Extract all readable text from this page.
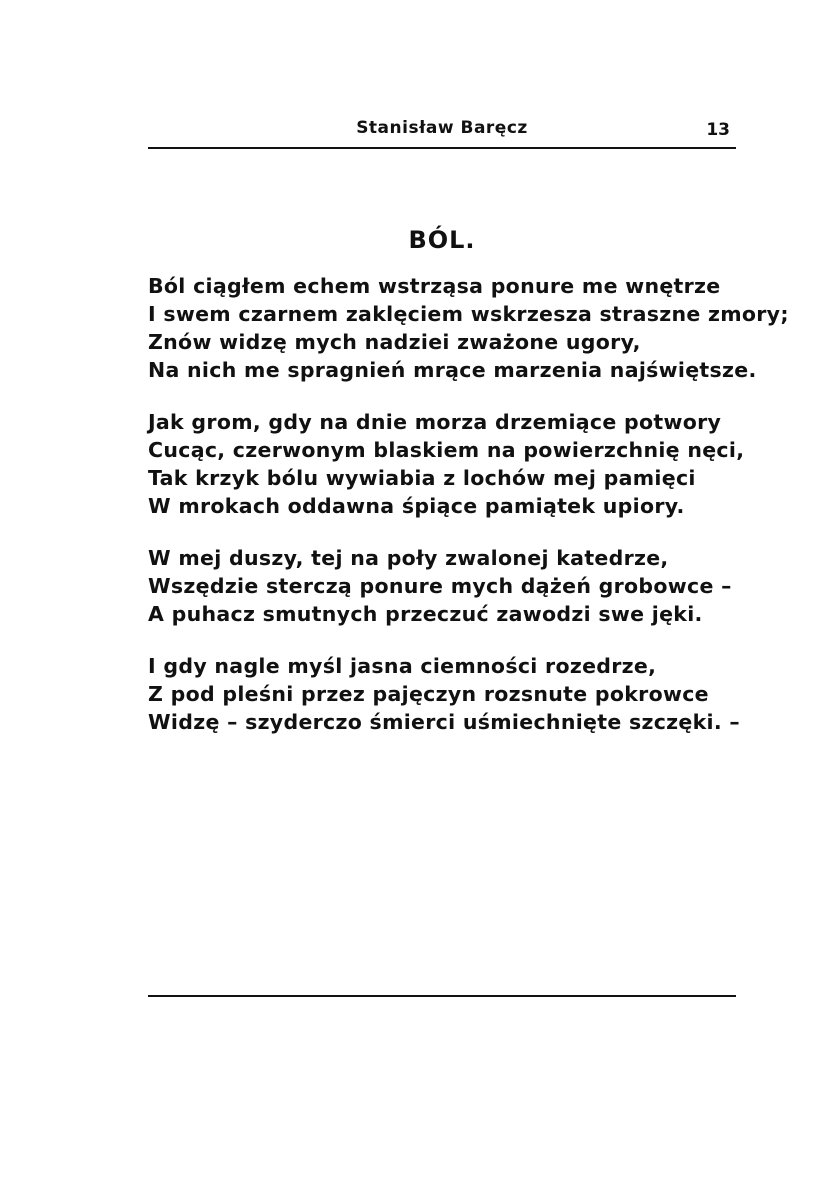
Stanisław Baręcz	13
BÓL.
Ból ciągłem echem wstrząsa ponure me wnętrze
I swem czarnem zaklęciem wskrzesza straszne zmory;
Znów widzę mych nadziei zważone ugory,
Na nich me spragnień mrące marzenia najświętsze.
Jak grom, gdy na dnie morza drzemiące potwory
Cucąc, czerwonym blaskiem na powierzchnię nęci,
Tak krzyk bólu wywiabia z lochów mej pamięci
W mrokach oddawna śpiące pamiątek upiory.
W mej duszy, tej na poły zwalonej katedrze,
Wszędzie sterczą ponure mych dążeń grobowce –
A puhacz smutnych przeczuć zawodzi swe jęki.
I gdy nagle myśl jasna ciemności rozedrze,
Z pod pleśni przez pajęczyn rozsnute pokrowce
Widzę – szyderczo śmierci uśmiechnięte szczęki. –
